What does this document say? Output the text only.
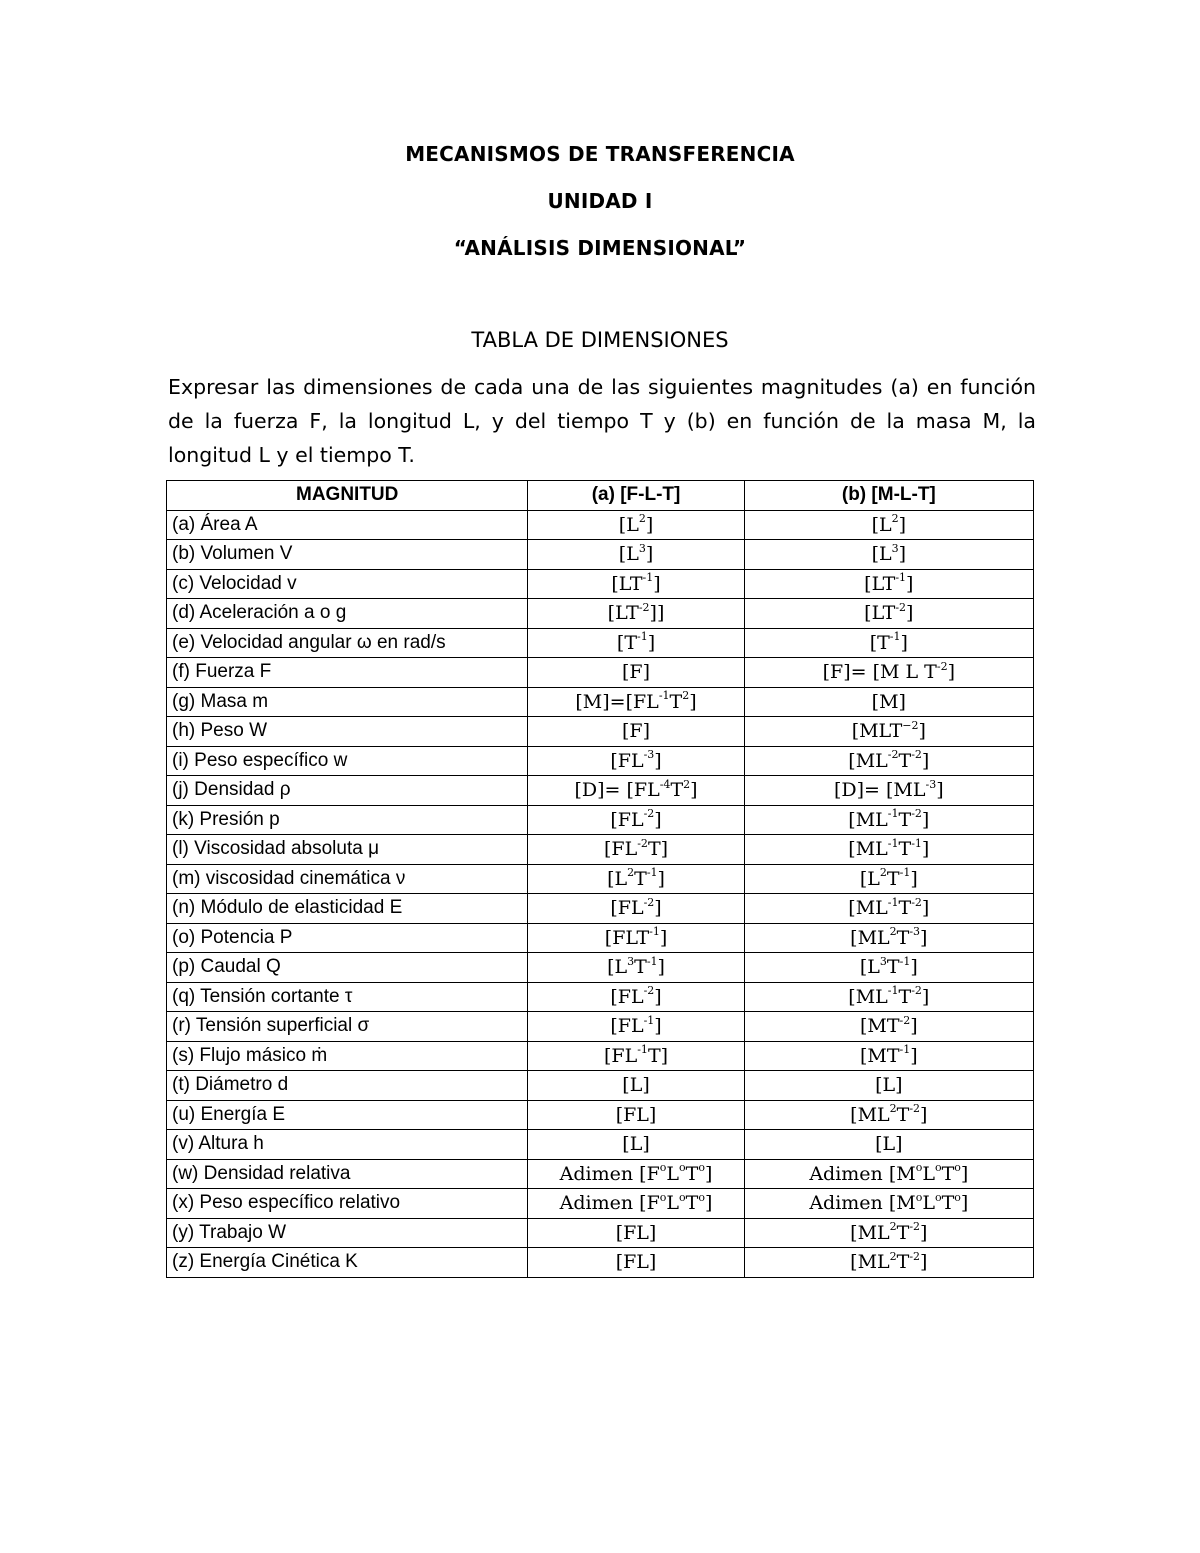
MECANISMOS DE TRANSFERENCIA
UNIDAD I
“ANÁLISIS DIMENSIONAL”
TABLA DE DIMENSIONES
Expresar las dimensiones de cada una de las siguientes magnitudes (a) en función de la fuerza F, la longitud L, y del tiempo T y (b) en función de la masa M, la longitud L y el tiempo T.
MAGNITUD	(a) [F-L-T]	(b) [M-L-T]
(a) Área A	$[L^2]$	$[L^2]$
(b) Volumen V	$[L^3]$	$[L^3]$
(c) Velocidad v	$[LT^{-1}]$	$[LT^{-1}]$
(d) Aceleración a o g	$[LT^{-2}]$]	$[LT^{-2}]$
(e) Velocidad angular ω en rad/s	$[T^{-1}]$	$[T^{-1}]$
(f) Fuerza F	[F]	[F]= [M L $T^{-2}$]
(g) Masa m	$[M]=[FL^{-1}T^2]$	[M]
(h) Peso W	[F]	$[MLT^{-2}]$
(i) Peso específico w	$[FL^{-3}]$	$[ML^{-2}T^{-2}]$
(j) Densidad ρ	$[D]= [FL^{-4}T^2]$	$[D]= [ML^{-3}]$
(k) Presión p	$[FL^{-2}]$	$[ML^{-1}T^{-2}]$
(l) Viscosidad absoluta μ	$[FL^{-2}T]$	$[ML^{-1}T^{-1}]$
(m) viscosidad cinemática ν	$[L^2T^{-1}]$	$[L^2T^{-1}]$
(n) Módulo de elasticidad E	$[FL^{-2}]$	$[ML^{-1}T^{-2}]$
(o) Potencia P	$[FLT^{-1}]$	$[ML^2T^{-3}]$
(p) Caudal Q	$[L^3T^{-1}]$	$[L^3T^{-1}]$
(q) Tensión cortante τ	$[FL^{-2}]$	$[ML^{-1}T^{-2}]$
(r) Tensión superficial σ	$[FL^{-1}]$	$[MT^{-2}]$
(s) Flujo másico ṁ	$[FL^{-1}T]$	$[MT^{-1}]$
(t) Diámetro d	[L]	[L]
(u) Energía E	[FL]	$[ML^2T^{-2}]$
(v) Altura h	[L]	[L]
(w) Densidad relativa	Adimen $[F^oL^oT^o]$	Adimen $[M^oL^oT^o]$
(x) Peso específico relativo	Adimen $[F^oL^oT^o]$	Adimen $[M^oL^oT^o]$
(y) Trabajo W	[FL]	$[ML^2T^{-2}]$
(z) Energía Cinética K	[FL]	$[ML^2T^{-2}]$
